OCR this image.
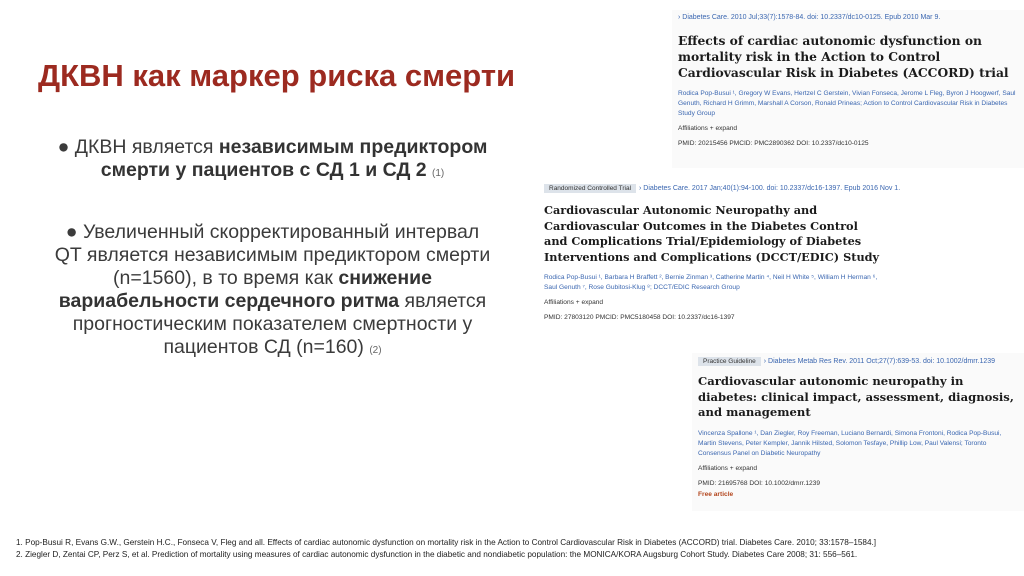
ДКВН как маркер риска смерти
● ДКВН является независимым предиктором смерти у пациентов с СД 1 и СД 2 (1)
● Увеличенный скорректированный интервал QT является независимым предиктором смерти (n=1560), в то время как снижение вариабельности сердечного ритма является прогностическим показателем смертности у пациентов СД (n=160) (2)
› Diabetes Care. 2010 Jul;33(7):1578-84. doi: 10.2337/dc10-0125. Epub 2010 Mar 9.
Effects of cardiac autonomic dysfunction on mortality risk in the Action to Control Cardiovascular Risk in Diabetes (ACCORD) trial
Rodica Pop-Busui ¹, Gregory W Evans, Hertzel C Gerstein, Vivian Fonseca, Jerome L Fleg, Byron J Hoogwerf, Saul Genuth, Richard H Grimm, Marshall A Corson, Ronald Prineas; Action to Control Cardiovascular Risk in Diabetes Study Group
Affiliations + expand
PMID: 20215456 PMCID: PMC2890362 DOI: 10.2337/dc10-0125
Randomized Controlled Trial › Diabetes Care. 2017 Jan;40(1):94-100. doi: 10.2337/dc16-1397. Epub 2016 Nov 1.
Cardiovascular Autonomic Neuropathy and Cardiovascular Outcomes in the Diabetes Control and Complications Trial/Epidemiology of Diabetes Interventions and Complications (DCCT/EDIC) Study
Rodica Pop-Busui ¹, Barbara H Braffett ², Bernie Zinman ³, Catherine Martin ⁴, Neil H White ⁵, William H Herman ⁶, Saul Genuth ⁷, Rose Gubitosi-Klug ⁸; DCCT/EDIC Research Group
Affiliations + expand
PMID: 27803120 PMCID: PMC5180458 DOI: 10.2337/dc16-1397
Practice Guideline › Diabetes Metab Res Rev. 2011 Oct;27(7):639-53. doi: 10.1002/dmrr.1239
Cardiovascular autonomic neuropathy in diabetes: clinical impact, assessment, diagnosis, and management
Vincenza Spallone ¹, Dan Ziegler, Roy Freeman, Luciano Bernardi, Simona Frontoni, Rodica Pop-Busui, Martin Stevens, Peter Kempler, Jannik Hilsted, Solomon Tesfaye, Phillip Low, Paul Valensi; Toronto Consensus Panel on Diabetic Neuropathy
Affiliations + expand
PMID: 21695768 DOI: 10.1002/dmrr.1239
Free article
1. Pop-Busui R, Evans G.W., Gerstein H.C., Fonseca V, Fleg and all. Effects of cardiac autonomic dysfunction on mortality risk in the Action to Control Cardiovascular Risk in Diabetes (ACCORD) trial. Diabetes Care. 2010; 33:1578–1584.]
2. Ziegler D, Zentai CP, Perz S, et al. Prediction of mortality using measures of cardiac autonomic dysfunction in the diabetic and nondiabetic population: the MONICA/KORA Augsburg Cohort Study. Diabetes Care 2008; 31: 556–561.
